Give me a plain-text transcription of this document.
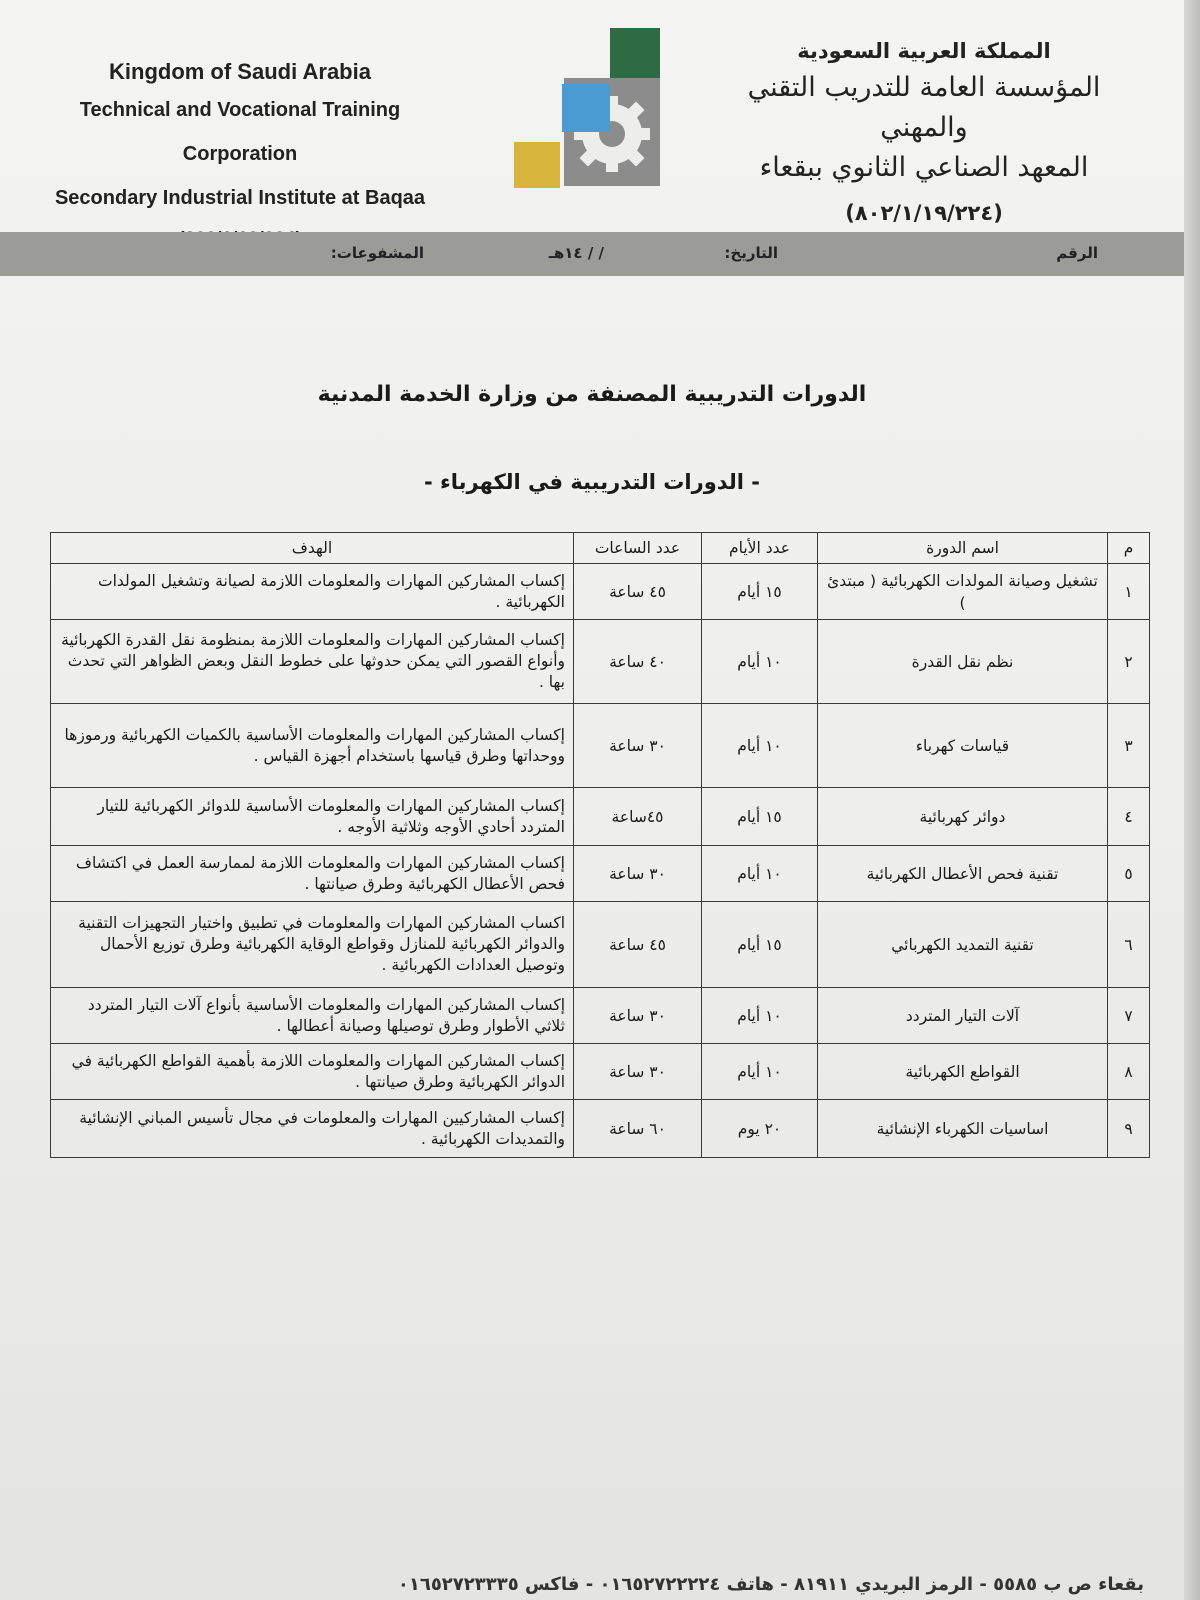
Kingdom of Saudi Arabia
Technical and Vocational Training Corporation
Secondary Industrial Institute at Baqaa
المملكة العربية السعودية
المؤسسة العامة للتدريب التقني والمهني
المعهد الصناعي الثانوي ببقعاء
(٨٠٢/١/١٩/٢٢٤)
الرقم
التاريخ:
/ / ١٤هـ
المشفوعات:
الدورات التدريبية المصنفة من وزارة الخدمة المدنية
- الدورات التدريبية في الكهرباء -
م	اسم الدورة	عدد الأيام	عدد الساعات	الهدف
١	تشغيل وصيانة المولدات الكهربائية ( مبتدئ )	١٥ أيام	٤٥ ساعة	إكساب المشاركين المهارات والمعلومات اللازمة لصيانة وتشغيل المولدات الكهربائية .
٢	نظم نقل القدرة	١٠ أيام	٤٠ ساعة	إكساب المشاركين المهارات والمعلومات اللازمة بمنظومة نقل القدرة الكهربائية وأنواع القصور التي يمكن حدوثها على خطوط النقل وبعض الظواهر التي تحدث بها .
٣	قياسات كهرباء	١٠ أيام	٣٠ ساعة	إكساب المشاركين المهارات والمعلومات الأساسية بالكميات الكهربائية ورموزها ووحداتها وطرق قياسها باستخدام أجهزة القياس .
٤	دوائر كهربائية	١٥ أيام	٤٥ساعة	إكساب المشاركين المهارات والمعلومات الأساسية للدوائر الكهربائية للتيار المتردد أحادي الأوجه وثلاثية الأوجه .
٥	تقنية فحص الأعطال الكهربائية	١٠ أيام	٣٠ ساعة	إكساب المشاركين المهارات والمعلومات اللازمة لممارسة العمل في اكتشاف فحص الأعطال الكهربائية وطرق صيانتها .
٦	تقنية التمديد الكهربائي	١٥ أيام	٤٥ ساعة	اكساب المشاركين المهارات والمعلومات في تطبيق واختيار التجهيزات التقنية والدوائر الكهربائية للمنازل وقواطع الوقاية الكهربائية وطرق توزيع الأحمال وتوصيل العدادات الكهربائية .
٧	آلات التيار المتردد	١٠ أيام	٣٠ ساعة	إكساب المشاركين المهارات والمعلومات الأساسية بأنواع آلات التيار المتردد ثلاثي الأطوار وطرق توصيلها وصيانة أعطالها .
٨	القواطع الكهربائية	١٠ أيام	٣٠ ساعة	إكساب المشاركين المهارات والمعلومات اللازمة بأهمية القواطع الكهربائية في الدوائر الكهربائية وطرق صيانتها .
٩	اساسيات الكهرباء الإنشائية	٢٠ يوم	٦٠ ساعة	إكساب المشاركيين المهارات والمعلومات في مجال تأسيس المباني الإنشائية والتمديدات الكهربائية .
بقعاء ص ب ٥٥٨٥ - الرمز البريدي ٨١٩١١ - هاتف ٠١٦٥٢٧٢٢٢٢٤ - فاكس ٠١٦٥٢٧٢٣٣٣٥
